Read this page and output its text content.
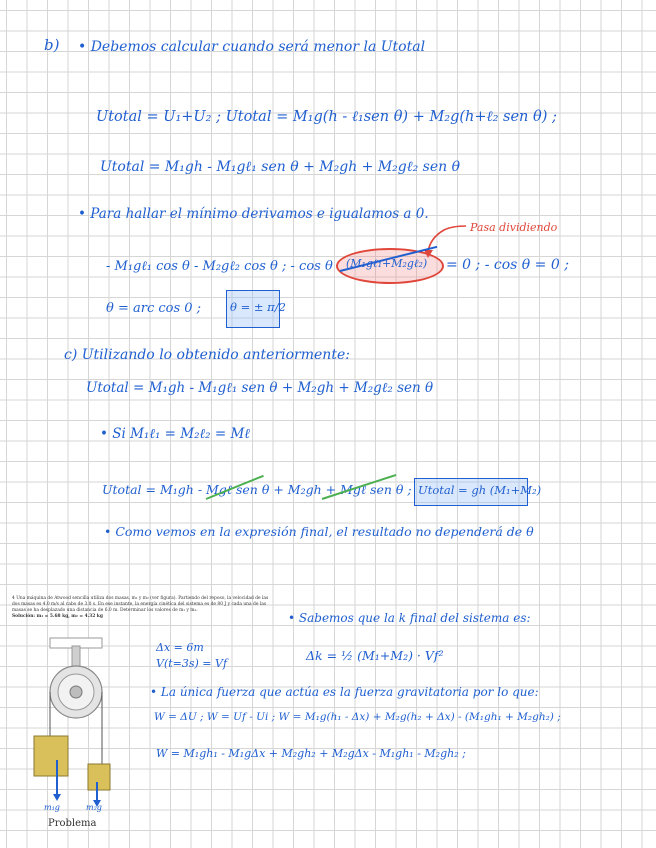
b) • Debemos calcular cuando será menor la Utotal
Utotal = U₁+U₂ ; Utotal = M₁g(h - ℓ₁sen θ) + M₂g(h+ℓ₂ sen θ) ;
Utotal = M₁gh - M₁gℓ₁ sen θ + M₂gh + M₂gℓ₂ sen θ
• Para hallar el mínimo derivamos e igualamos a 0.
Pasa dividiendo
- M₁gℓ₁ cos θ - M₂gℓ₂ cos θ ; - cos θ (M₁gℓ₁+M₂gℓ₂) = 0 ; - cos θ = 0 ;
θ = arc cos 0 ;	θ = ± π/2
c) Utilizando lo obtenido anteriormente:
Utotal = M₁gh - M₁gℓ₁ sen θ + M₂gh + M₂gℓ₂ sen θ
• Si M₁ℓ₁ = M₂ℓ₂ = Mℓ
Utotal = M₁gh - Mgℓ sen θ + M₂gh + Mgℓ sen θ ; Utotal = gh (M₁+M₂)
• Como vemos en la expresión final, el resultado no dependerá de θ
4 Una máquina de Atwood sencilla utiliza dos masas, m₁ y m₂ (ver figura). Partiendo del reposo, la velocidad de las dos masas es 4.0 m/s al cabo de 3.0 s. En ese instante, la energía cinética del sistema es de 80 J y cada una de las masas se ha desplazado una distancia de 6.0 m. Determinar los valores de m₁ y m₂.
Solución: m₁ = 5.68 kg, m₂ = 4.32 kg
m₁g	m₂g
Problema
• Sabemos que la k final del sistema es:
Δx = 6m
V(t=3s) = Vf
Δk = ½ (M₁+M₂) · Vf²
• La única fuerza que actúa es la fuerza gravitatoria por lo que:
W = ΔU ; W = Uf - Ui ; W = M₁g(h₁ - Δx) + M₂g(h₂ + Δx) - (M₁gh₁ + M₂gh₂) ;
W = M₁gh₁ - M₁gΔx + M₂gh₂ + M₂gΔx - M₁gh₁ - M₂gh₂ ;
